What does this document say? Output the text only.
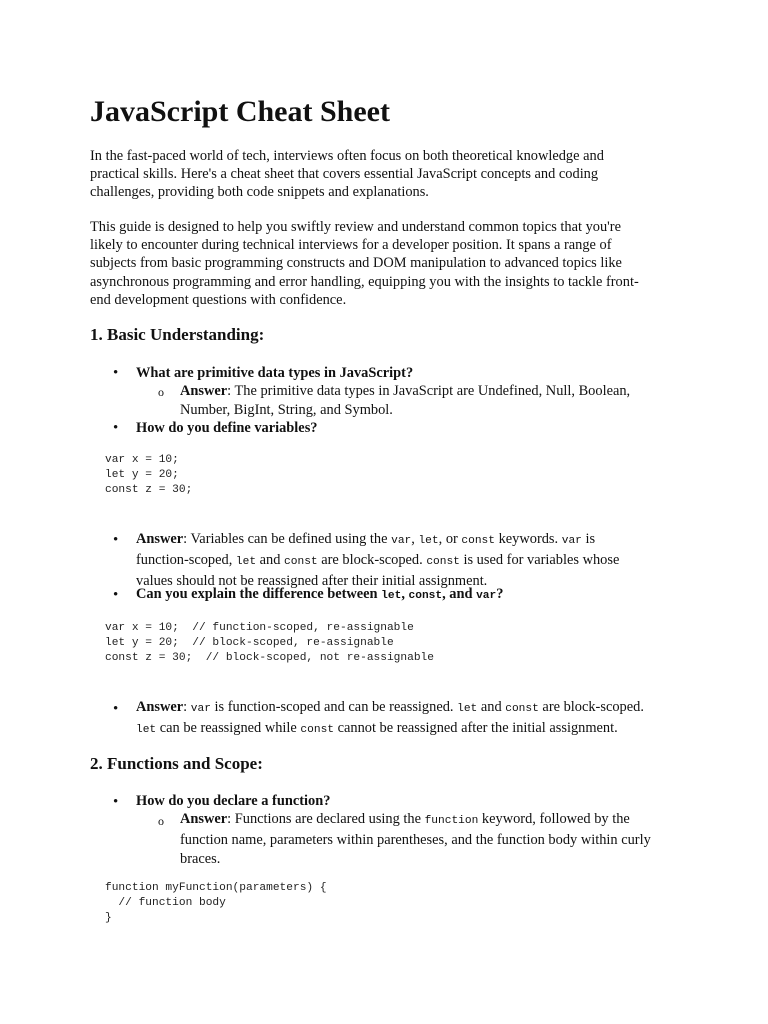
JavaScript Cheat Sheet
In the fast-paced world of tech, interviews often focus on both theoretical knowledge and
practical skills. Here's a cheat sheet that covers essential JavaScript concepts and coding
challenges, providing both code snippets and explanations.
This guide is designed to help you swiftly review and understand common topics that you're
likely to encounter during technical interviews for a developer position. It spans a range of
subjects from basic programming constructs and DOM manipulation to advanced topics like
asynchronous programming and error handling, equipping you with the insights to tackle front-
end development questions with confidence.
1. Basic Understanding:
• What are primitive data types in JavaScript?
o Answer: The primitive data types in JavaScript are Undefined, Null, Boolean,
Number, BigInt, String, and Symbol.
• How do you define variables?
var x = 10;
let y = 20;
const z = 30;
• Answer: Variables can be defined using the var, let, or const keywords. var is
function-scoped, let and const are block-scoped. const is used for variables whose
values should not be reassigned after their initial assignment.
• Can you explain the difference between let, const, and var?
var x = 10;  // function-scoped, re-assignable
let y = 20;  // block-scoped, re-assignable
const z = 30;  // block-scoped, not re-assignable
• Answer: var is function-scoped and can be reassigned. let and const are block-scoped.
let can be reassigned while const cannot be reassigned after the initial assignment.
2. Functions and Scope:
• How do you declare a function?
o Answer: Functions are declared using the function keyword, followed by the
function name, parameters within parentheses, and the function body within curly
braces.
function myFunction(parameters) {
// function body
}
